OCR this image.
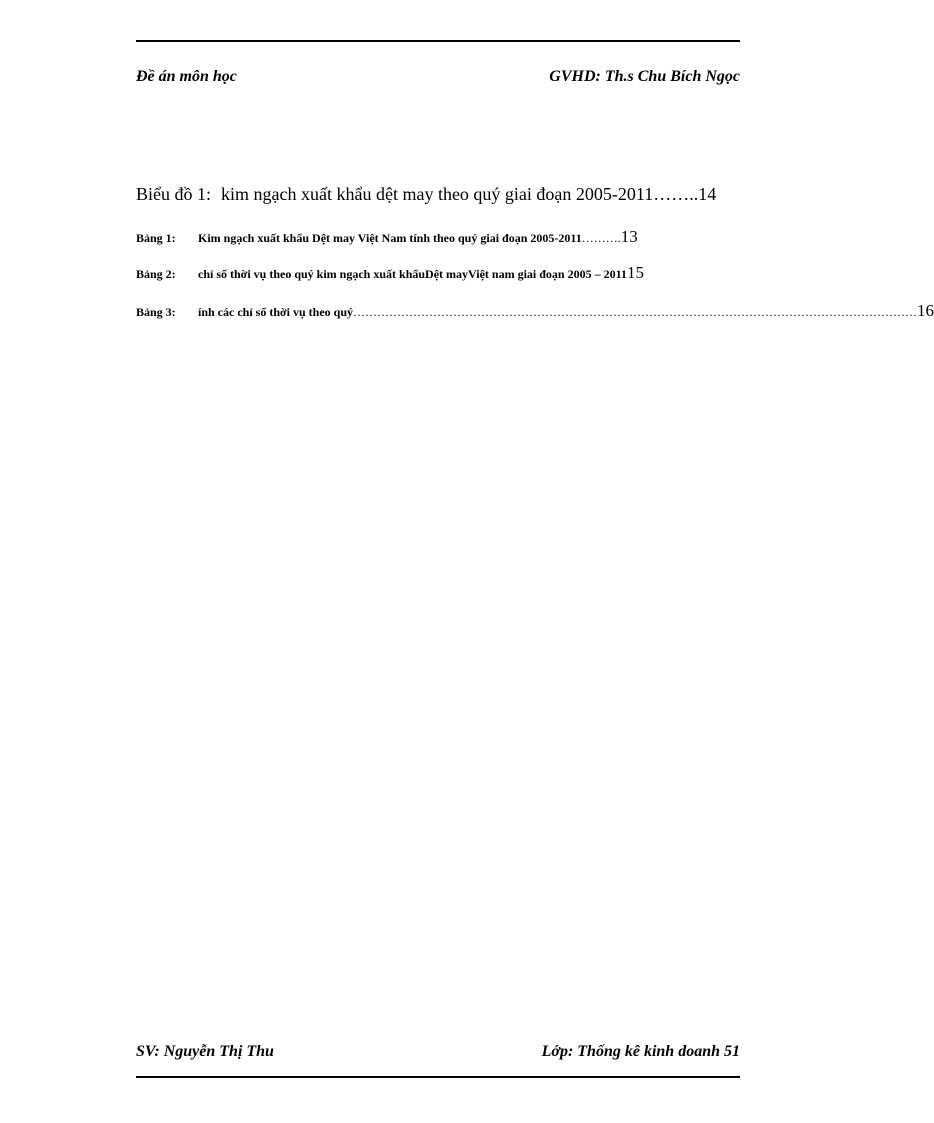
Đề án môn học	GVHD: Th.s Chu Bích Ngọc
Biểu đồ 1: kim ngạch xuất khẩu dệt may theo quý giai đoạn 2005-2011 …….. 14
Bảng 1:	Kim ngạch xuất khẩu Dệt may Việt Nam tính theo quý giai đoạn 2005-2011 ………. 13
Bảng 2:	chỉ số thời vụ theo quý kim ngạch xuất khẩuDệt mayViệt nam giai đoạn 2005 – 2011 15
Bảng 3:	ính các chỉ số thời vụ theo quý …………………………………………………………………………………………………………………………… 16
SV: Nguyễn Thị Thu	Lớp: Thống kê kinh doanh 51
